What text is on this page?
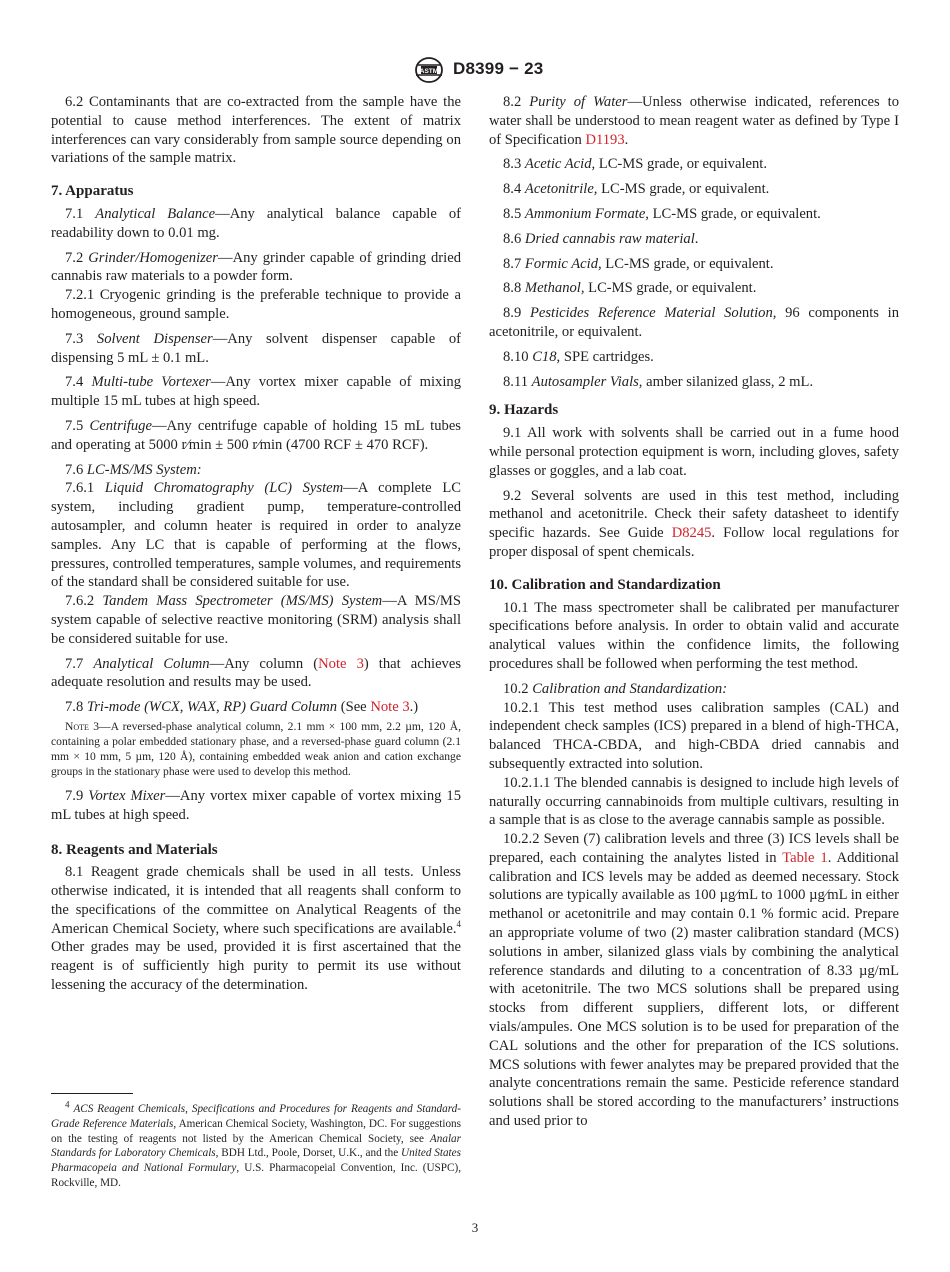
ASTM D8399 − 23

6.2 Contaminants that are co-extracted from the sample have the potential to cause method interferences. The extent of matrix interferences can vary considerably from sample source depending on variations of the sample matrix.

7. Apparatus

7.1 Analytical Balance—Any analytical balance capable of readability down to 0.01 mg.

7.2 Grinder/Homogenizer—Any grinder capable of grinding dried cannabis raw materials to a powder form.

7.2.1 Cryogenic grinding is the preferable technique to provide a homogeneous, ground sample.

7.3 Solvent Dispenser—Any solvent dispenser capable of dispensing 5 mL ± 0.1 mL.

7.4 Multi-tube Vortexer—Any vortex mixer capable of mixing multiple 15 mL tubes at high speed.

7.5 Centrifuge—Any centrifuge capable of holding 15 mL tubes and operating at 5000 r⁄min ± 500 r⁄min (4700 RCF ± 470 RCF).

7.6 LC-MS/MS System:

7.6.1 Liquid Chromatography (LC) System—A complete LC system, including gradient pump, temperature-controlled autosampler, and column heater is required in order to analyze samples. Any LC that is capable of performing at the flows, pressures, controlled temperatures, sample volumes, and requirements of the standard shall be considered suitable for use.

7.6.2 Tandem Mass Spectrometer (MS/MS) System—A MS/MS system capable of selective reactive monitoring (SRM) analysis shall be considered suitable for use.

7.7 Analytical Column—Any column (Note 3) that achieves adequate resolution and results may be used.

7.8 Tri-mode (WCX, WAX, RP) Guard Column (See Note 3.)

Note 3—A reversed-phase analytical column, 2.1 mm × 100 mm, 2.2 µm, 120 Å, containing a polar embedded stationary phase, and a reversed-phase guard column (2.1 mm × 10 mm, 5 µm, 120 Å), containing embedded weak anion and cation exchange groups in the stationary phase were used to develop this method.

7.9 Vortex Mixer—Any vortex mixer capable of vortex mixing 15 mL tubes at high speed.

8. Reagents and Materials

8.1 Reagent grade chemicals shall be used in all tests. Unless otherwise indicated, it is intended that all reagents shall conform to the specifications of the committee on Analytical Reagents of the American Chemical Society, where such specifications are available.$^4$ Other grades may be used, provided it is first ascertained that the reagent is of sufficiently high purity to permit its use without lessening the accuracy of the determination.

$^4$ ACS Reagent Chemicals, Specifications and Procedures for Reagents and Standard-Grade Reference Materials, American Chemical Society, Washington, DC. For suggestions on the testing of reagents not listed by the American Chemical Society, see Analar Standards for Laboratory Chemicals, BDH Ltd., Poole, Dorset, U.K., and the United States Pharmacopeia and National Formulary, U.S. Pharmacopeial Convention, Inc. (USPC), Rockville, MD.

8.2 Purity of Water—Unless otherwise indicated, references to water shall be understood to mean reagent water as defined by Type I of Specification D1193.

8.3 Acetic Acid, LC-MS grade, or equivalent.

8.4 Acetonitrile, LC-MS grade, or equivalent.

8.5 Ammonium Formate, LC-MS grade, or equivalent.

8.6 Dried cannabis raw material.

8.7 Formic Acid, LC-MS grade, or equivalent.

8.8 Methanol, LC-MS grade, or equivalent.

8.9 Pesticides Reference Material Solution, 96 components in acetonitrile, or equivalent.

8.10 C18, SPE cartridges.

8.11 Autosampler Vials, amber silanized glass, 2 mL.

9. Hazards

9.1 All work with solvents shall be carried out in a fume hood while personal protection equipment is worn, including gloves, safety glasses or goggles, and a lab coat.

9.2 Several solvents are used in this test method, including methanol and acetonitrile. Check their safety datasheet to identify specific hazards. See Guide D8245. Follow local regulations for proper disposal of spent chemicals.

10. Calibration and Standardization

10.1 The mass spectrometer shall be calibrated per manufacturer specifications before analysis. In order to obtain valid and accurate analytical values within the confidence limits, the following procedures shall be followed when performing the test method.

10.2 Calibration and Standardization:

10.2.1 This test method uses calibration samples (CAL) and independent check samples (ICS) prepared in a blend of high-THCA, balanced THCA-CBDA, and high-CBDA dried cannabis and subsequently extracted into solution.

10.2.1.1 The blended cannabis is designed to include high levels of naturally occurring cannabinoids from multiple cultivars, resulting in a sample that is as close to the average cannabis sample as possible.

10.2.2 Seven (7) calibration levels and three (3) ICS levels shall be prepared, each containing the analytes listed in Table 1. Additional calibration and ICS levels may be added as deemed necessary. Stock solutions are typically available as 100 µg⁄mL to 1000 µg⁄mL in either methanol or acetonitrile and may contain 0.1 % formic acid. Prepare an appropriate volume of two (2) master calibration standard (MCS) solutions in amber, silanized glass vials by combining the analytical reference standards and diluting to a concentration of 8.33 µg/mL with acetonitrile. The two MCS solutions shall be prepared using stocks from different suppliers, different lots, or different vials/ampules. One MCS solution is to be used for preparation of the CAL solutions and the other for preparation of the ICS solutions. MCS solutions with fewer analytes may be prepared provided that the analyte concentrations remain the same. Pesticide reference standard solutions shall be stored according to the manufacturers’ instructions and used prior to

3
